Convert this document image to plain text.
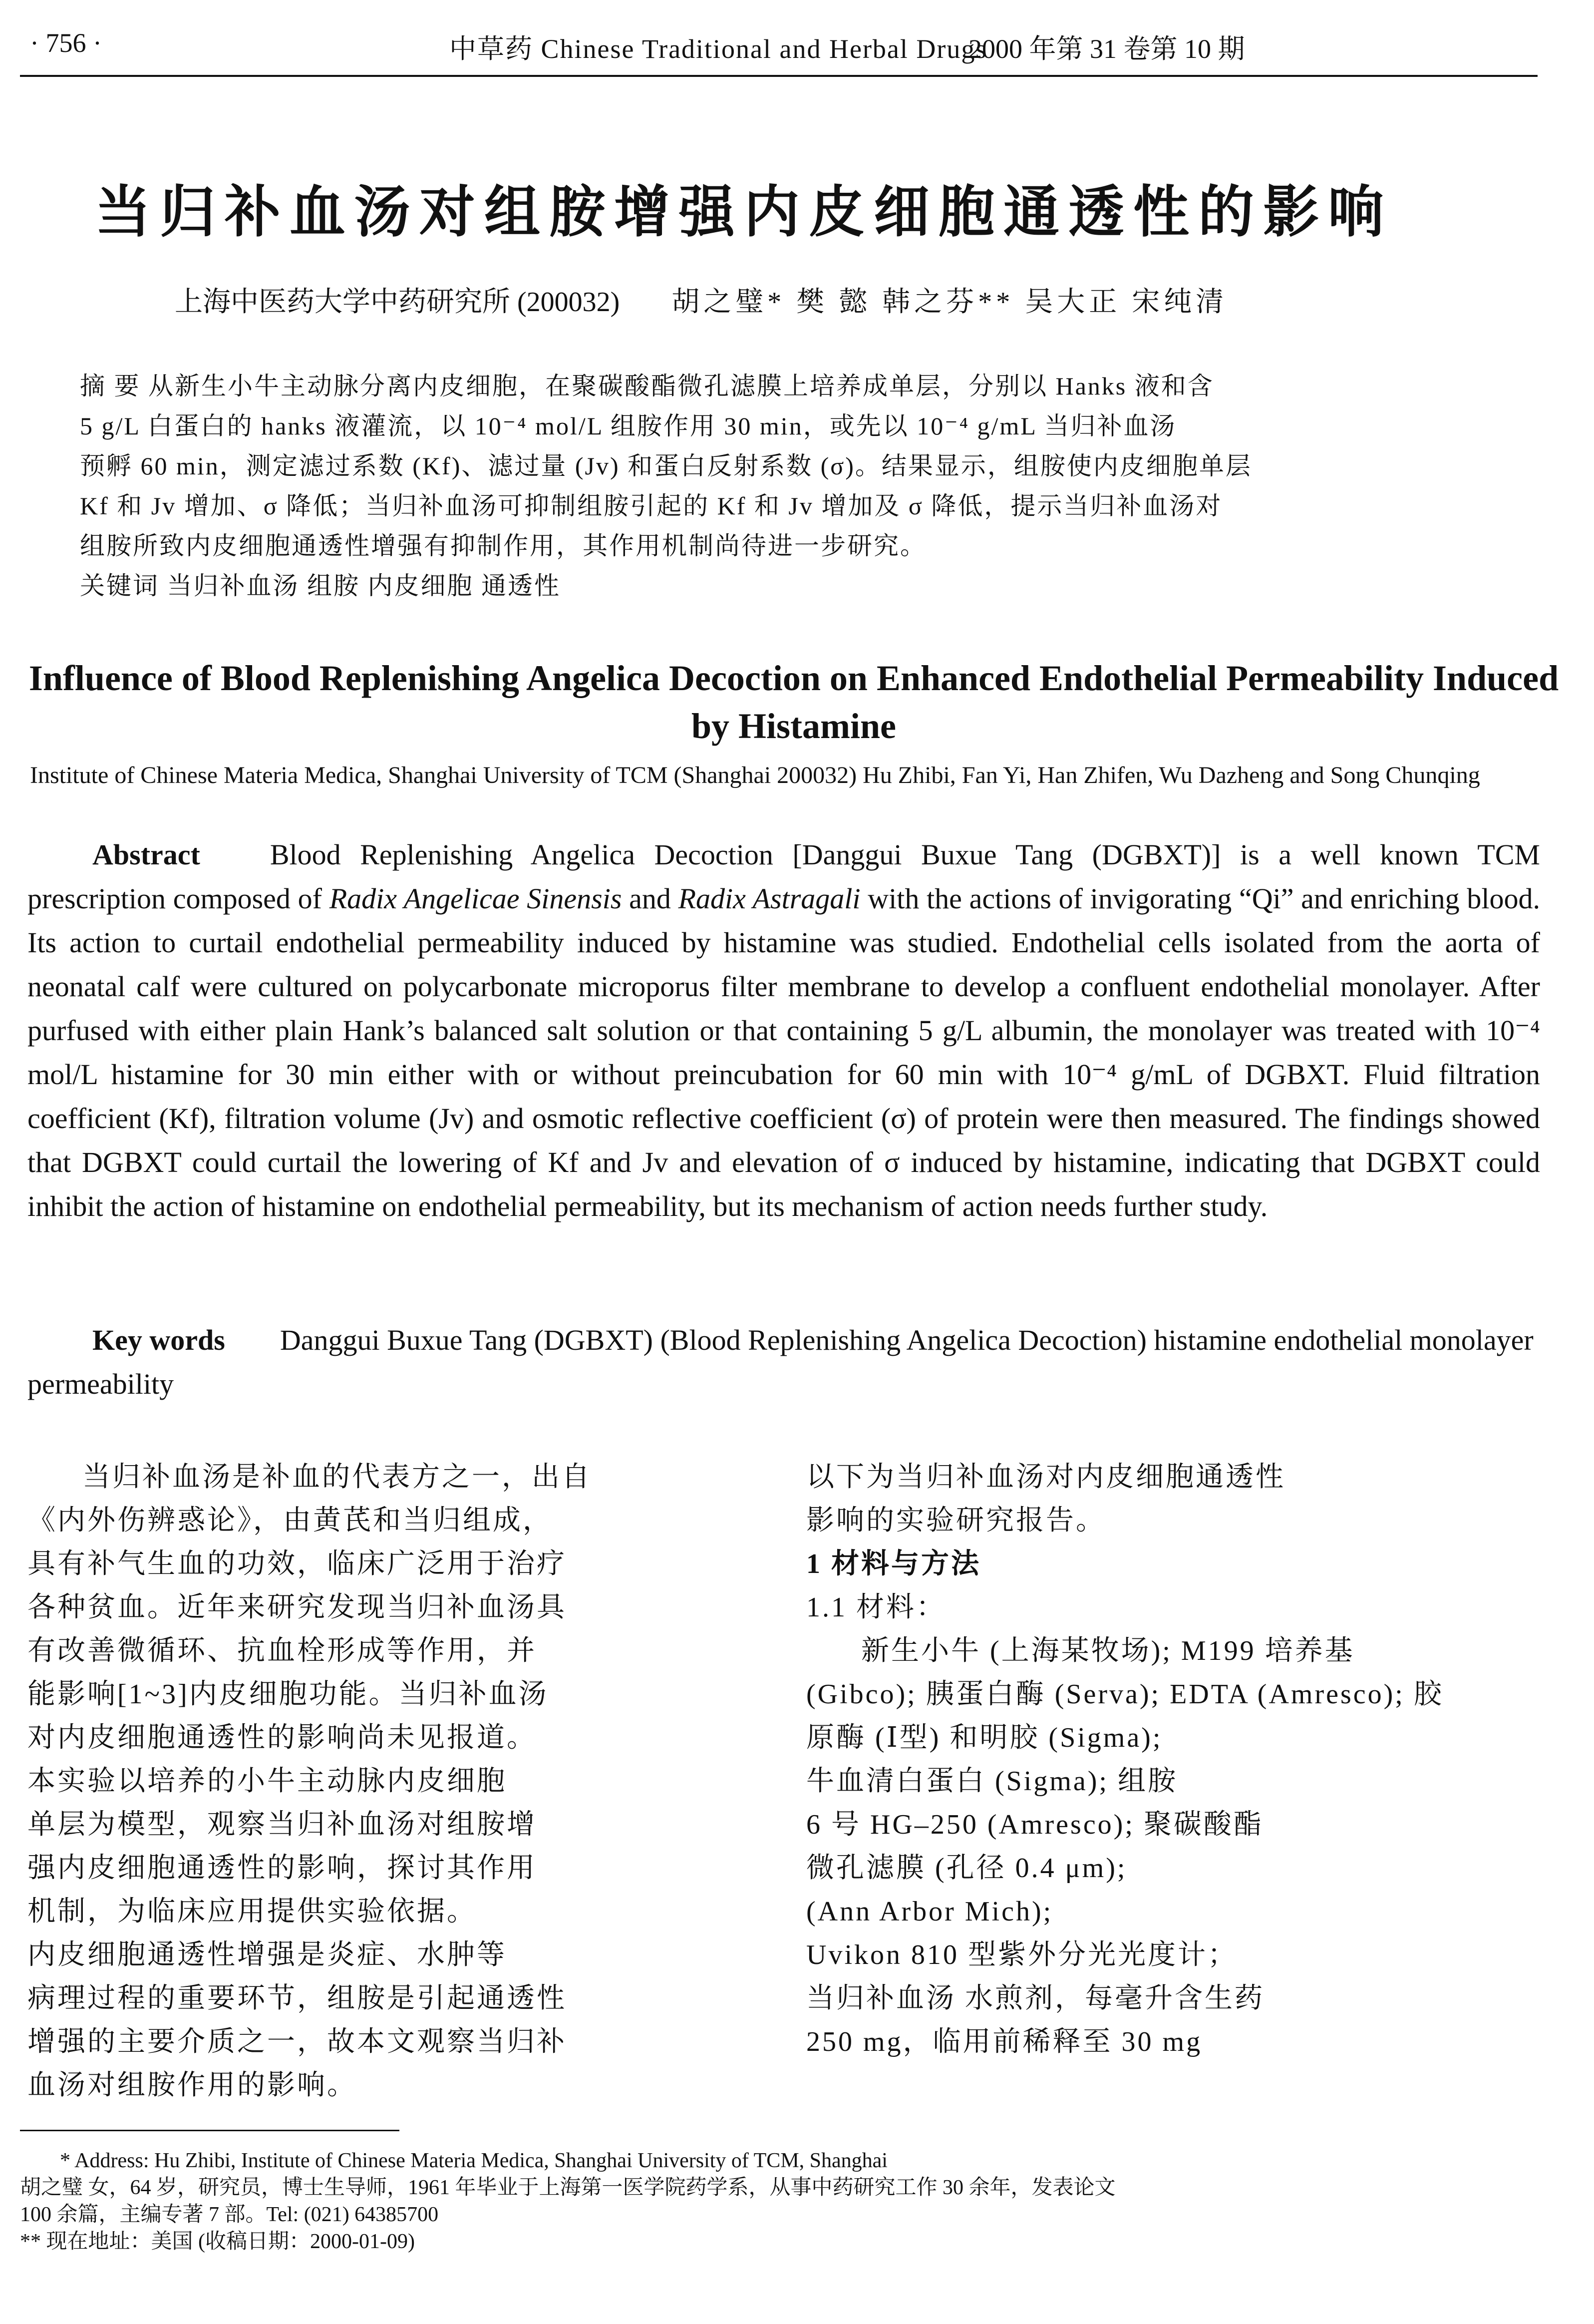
· 756 ·	中草药 Chinese Traditional and Herbal Drugs
2000 年第 31 卷第 10 期
当归补血汤对组胺增强内皮细胞通透性的影响
上海中医药大学中药研究所 (200032) 胡之璧* 樊 懿 韩之芬** 吴大正 宋纯清
摘 要 从新生小牛主动脉分离内皮细胞，在聚碳酸酯微孔滤膜上培养成单层，分别以 Hanks 液和含
5 g/L 白蛋白的 hanks 液灌流，以 10⁻⁴ mol/L 组胺作用 30 min，或先以 10⁻⁴ g/mL 当归补血汤
预孵 60 min，测定滤过系数 (Kf)、滤过量 (Jv) 和蛋白反射系数 (σ)。结果显示，组胺使内皮细胞单层
Kf 和 Jv 增加、σ 降低；当归补血汤可抑制组胺引起的 Kf 和 Jv 增加及 σ 降低，提示当归补血汤对
组胺所致内皮细胞通透性增强有抑制作用，其作用机制尚待进一步研究。
关键词 当归补血汤 组胺 内皮细胞 通透性
Influence of Blood Replenishing Angelica Decoction on Enhanced Endothelial Permeability Induced by Histamine
Institute of Chinese Materia Medica, Shanghai University of TCM (Shanghai 200032) Hu Zhibi, Fan Yi, Han Zhifen, Wu Dazheng and Song Chunqing
Abstract Blood Replenishing Angelica Decoction [Danggui Buxue Tang (DGBXT)] is a well known TCM prescription composed of Radix Angelicae Sinensis and Radix Astragali with the actions of invigorating “Qi” and enriching blood. Its action to curtail endothelial permeability induced by histamine was studied. Endothelial cells isolated from the aorta of neonatal calf were cultured on polycarbonate microporus filter membrane to develop a confluent endothelial monolayer. After purfused with either plain Hank’s balanced salt solution or that containing 5 g/L albumin, the monolayer was treated with 10⁻⁴ mol/L histamine for 30 min either with or without preincubation for 60 min with 10⁻⁴ g/mL of DGBXT. Fluid filtration coefficient (Kf), filtration volume (Jv) and osmotic reflective coefficient (σ) of protein were then measured. The findings showed that DGBXT could curtail the lowering of Kf and Jv and elevation of σ induced by histamine, indicating that DGBXT could inhibit the action of histamine on endothelial permeability, but its mechanism of action needs further study.
Key words Danggui Buxue Tang (DGBXT) (Blood Replenishing Angelica Decoction) histamine endothelial monolayer permeability
当归补血汤是补血的代表方之一，出自
《内外伤辨惑论》，由黄芪和当归组成，
具有补气生血的功效，临床广泛用于治疗
各种贫血。近年来研究发现当归补血汤具
有改善微循环、抗血栓形成等作用，并
能影响[1~3]内皮细胞功能。当归补血汤
对内皮细胞通透性的影响尚未见报道。
本实验以培养的小牛主动脉内皮细胞
单层为模型，观察当归补血汤对组胺增
强内皮细胞通透性的影响，探讨其作用
机制，为临床应用提供实验依据。
内皮细胞通透性增强是炎症、水肿等
病理过程的重要环节，组胺是引起通透性
增强的主要介质之一，故本文观察当归补
血汤对组胺作用的影响。
以下为当归补血汤对内皮细胞通透性
影响的实验研究报告。
1 材料与方法
1.1 材料：
新生小牛 (上海某牧场); M199 培养基
(Gibco); 胰蛋白酶 (Serva); EDTA (Amresco); 胶
原酶 (Ⅰ型) 和明胶 (Sigma);
牛血清白蛋白 (Sigma); 组胺
6 号 HG–250 (Amresco); 聚碳酸酯
微孔滤膜 (孔径 0.4 μm);
(Ann Arbor Mich);
Uvikon 810 型紫外分光光度计；
当归补血汤 水煎剂，每毫升含生药
250 mg，临用前稀释至 30 mg
* Address: Hu Zhibi, Institute of Chinese Materia Medica, Shanghai University of TCM, Shanghai
胡之璧 女，64 岁，研究员，博士生导师，1961 年毕业于上海第一医学院药学系，从事中药研究工作 30 余年，发表论文
100 余篇，主编专著 7 部。Tel: (021) 64385700
** 现在地址：美国 (收稿日期：2000-01-09)
